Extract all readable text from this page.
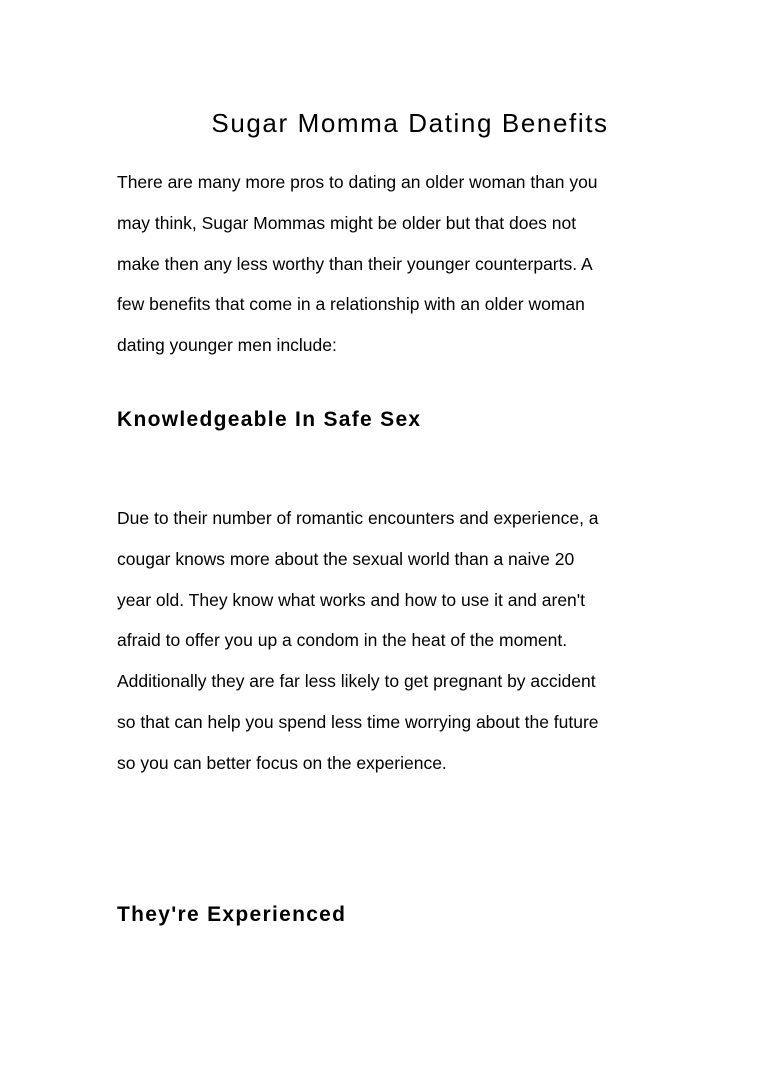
Sugar Momma Dating Benefits

There are many more pros to dating an older woman than you
may think, Sugar Mommas might be older but that does not
make then any less worthy than their younger counterparts. A
few benefits that come in a relationship with an older woman
dating younger men include:

Knowledgeable In Safe Sex

Due to their number of romantic encounters and experience, a
cougar knows more about the sexual world than a naive 20
year old. They know what works and how to use it and aren't
afraid to offer you up a condom in the heat of the moment.
Additionally they are far less likely to get pregnant by accident
so that can help you spend less time worrying about the future
so you can better focus on the experience.

They're Experienced
